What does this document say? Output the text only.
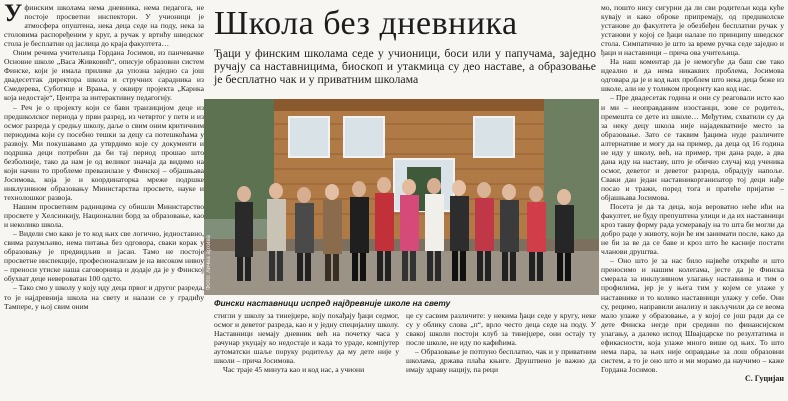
Уфинским школама нема дневника, нема педагога, не постоје просветни инспектори. У учионици је атмосфера опуштена, нека деца седе на поду, нека за столовима распоређеним у круг, а ручак у вртићу шведског стола је бесплатни од јаслица до краја факултета…

Оним речима учитељица Гордана Јосимов, из панчевачке Основне школе „Васа Живковић“, описује образовни систем Финске, који је имала прилике да упозна заједно са још двадесеттак директора школа и стручних сарадника из Смедерева, Суботице и Врања, у оквиру пројекта „Карика која недостаје“, Центра за интерактивну педагогију.

– Реч је о пројекту који се бави транзицијом деце из предшколског периода у први разред, из четвртог у пети и из осмог разреда у средњу школу, даље о свим оним критичним периодима који су посебно тешки за децу са потешкоћама у развоју. Ми покушавамо да утврдимо које су документи и подршка деци потребни да би тај период прошао што безболније, тако да нам је од великог значаја да видимо на који начин то проблеме превазилазе у Финској – објашњава Јосимова, која је и координаторка мреже подршке инклузивном образовању Министарства просвете, науке и технолошког развоја.

Нашим просветним радницима су обишли Министарство просвете у Хелсинкију, Национални борд за образовање, као и неколико школа.

– Видели смо како је то код њих све логично, једноставно, свима разумљиво, нема питања без одговора, сваки корак у образовању је предвидљив и јасан. Тамо не постоје просветне инспекције, професионализам је на високом нивоу – преноси утиске наша саговорница и додаје да је у Финској обухват деце невероватан 100 одсто.

– Тако смо у школу у коју иду деца првог и другог разреда, то је најдревнија школа на свету и налази се у градићу Тампере, у њој свим оним

Школа без дневника

Ђаци у финским школама седе у учионици, боси или у папучама, заједно ручају са наставницима, биоскоп и утакмица су део наставе, а образовање је бесплатно чак и у приватним школама

Фото: лична архива

Фински наставници испред најдревније школе на свету

стигли у школу за тинејџере, коју похађају ђаци седмог, осмог и деветог разреда, као и у једну специјалну школу. Наставници немају дневник већ на почетку часа у рачунар укуцају ко недостаје и када то ураде, компјутер аутоматски шаље поруку родитељу да му дете није у школи – прича Јосимова.

Час траје 45 минута као и код нас, а учиони

це су сасвим различите: у некима ђаци седе у кругу, неке су у облику слова „п“, врло често деца седе на поду. У свакој школи постоји клуб за тинејџере, они остају ту после школе, не иду по кафићима.

– Образовање је потпуно бесплатно, чак и у приватним школама, држава плаћа књиге. Друштвено је важно да имају здраву нацију, па реци

мо, пошто нису сигурни да ли сви родитељи кода куће кувају и како оброке припремају, од предшколске установе до факултета је обезбеђен бесплатни ручак у установи у којој се ђаци налазе по принципу шведског стола. Симпатично је што за време ручка седе заједно и ђаци и наставници – прича ова учитељица.

На наш коментар да је немогуће да баш све тако идеално и да нема никаквих проблема, Јосимова одговара да је и код њих проблем што нека деца беже из школе, али не у толиком проценту као код нас.

– Пре двадесетак година и они су реаговали исто као и ми – неоправданим изостанци, зове се родитељ, премешта се дете из школе… Међутим, схватили су да за неку децу школа није најадекватније место за образовање. Зато се таквим ђацима нуде различите алтернативе и могу да на пример, да деца од 16 година не иду у школу, већ, на пример, три дана раде, а два дана иду на наставу, што је обично случај код ученика осмог, деветог и деветог разреда, обрадују напоље. Сваки дан један наставникорганизатор тој деци нађе посао и тражи, поред тога и пратеће пријатне – објашњава Јосимова.

Посета је да та деца, која вероватно неће ићи на факултет, не буду препуштена улици и да их наставници кроз такву форму рада усмеравају на то шта би могли да добро раде у животу, који ће им занимати после, како да не би за ве да се баве и кроз што ће касније постати чланови друштва.

– Оно што је за нас било највеће откриће и што преносимо и нашим колегама, јесте да је Финска смерала за инклузивном улагању наставника и тим о профилима, јер је у њега тим у којем се улаже у наставнике и то колико наставници улажу у себе. Они су, рецимо, направили анализу и закључили да се веома мало улаже у образовање, а у којој се још ради да се дете Финска негде при средини по финансијском улагању, а далеко испод Швајцарске по резултатима и ефикасности, која улаже много више од њих. То што нема пара, за њих није оправдање за лош образовни систем, а то је оно што и ми морамо да научимо – каже Гордана Јосимов.

С. Гуцијан
